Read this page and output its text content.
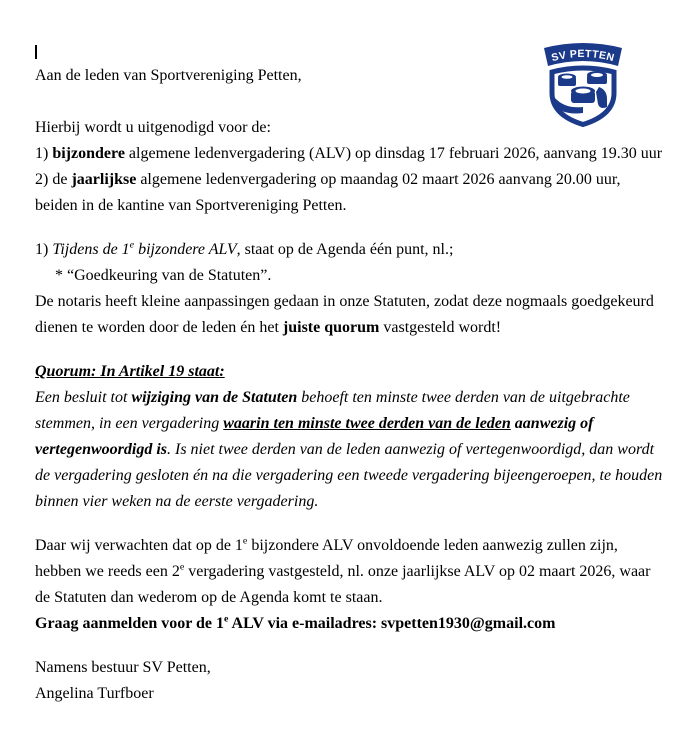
Aan de leden van Sportvereniging Petten,
Hierbij wordt u uitgenodigd voor de:
1) bijzondere algemene ledenvergadering (ALV) op dinsdag 17 februari 2026, aanvang 19.30 uur
2) de jaarlijkse algemene ledenvergadering op maandag 02 maart 2026 aanvang 20.00 uur,
beiden in de kantine van Sportvereniging Petten.
1) Tijdens de 1e bijzondere ALV, staat op de Agenda één punt, nl.;
* “Goedkeuring van de Statuten”.
De notaris heeft kleine aanpassingen gedaan in onze Statuten, zodat deze nogmaals goedgekeurd
dienen te worden door de leden én het juiste quorum vastgesteld wordt!
Quorum: In Artikel 19 staat:
Een besluit tot wijziging van de Statuten behoeft ten minste twee derden van de uitgebrachte
stemmen, in een vergadering waarin ten minste twee derden van de leden aanwezig of
vertegenwoordigd is. Is niet twee derden van de leden aanwezig of vertegenwoordigd, dan wordt
de vergadering gesloten én na die vergadering een tweede vergadering bijeengeroepen, te houden
binnen vier weken na de eerste vergadering.
Daar wij verwachten dat op de 1e bijzondere ALV onvoldoende leden aanwezig zullen zijn,
hebben we reeds een 2e vergadering vastgesteld, nl. onze jaarlijkse ALV op 02 maart 2026, waar
de Statuten dan wederom op de Agenda komt te staan.
Graag aanmelden voor de 1e ALV via e-mailadres: svpetten1930@gmail.com
Namens bestuur SV Petten,
Angelina Turfboer
SV PETTEN
